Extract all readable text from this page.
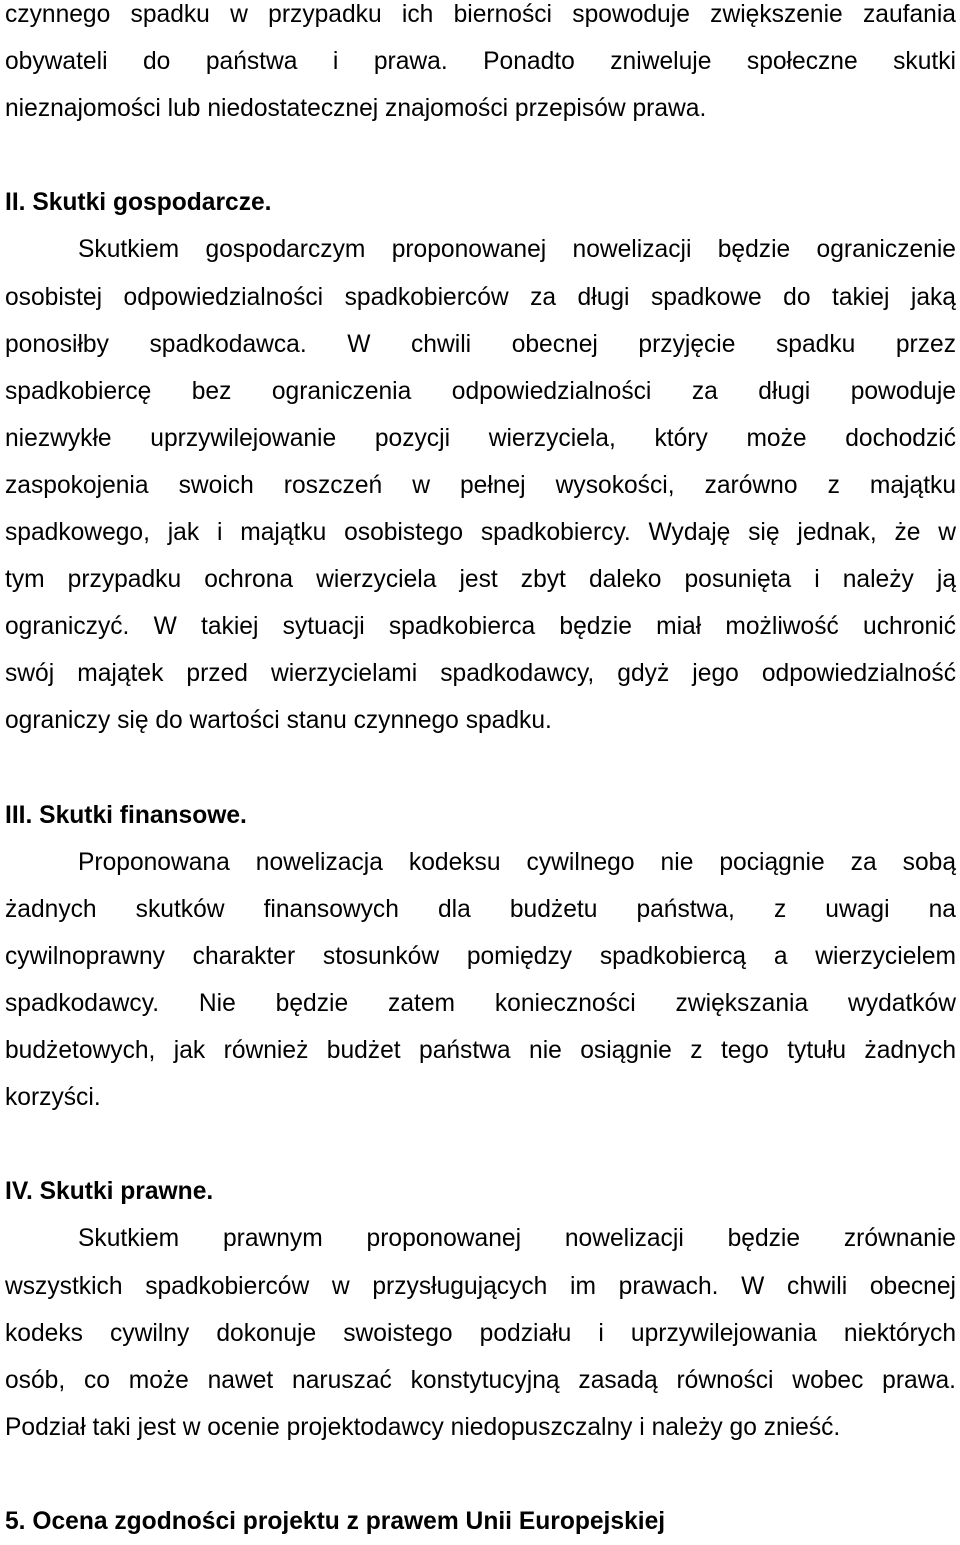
czynnego spadku w przypadku ich bierności spowoduje zwiększenie zaufania
obywateli do państwa i prawa. Ponadto zniweluje społeczne skutki
nieznajomości lub niedostatecznej znajomości przepisów prawa.
II. Skutki gospodarcze.
Skutkiem gospodarczym proponowanej nowelizacji będzie ograniczenie
osobistej odpowiedzialności spadkobierców za długi spadkowe do takiej jaką
ponosiłby spadkodawca. W chwili obecnej przyjęcie spadku przez
spadkobiercę bez ograniczenia odpowiedzialności za długi powoduje
niezwykłe uprzywilejowanie pozycji wierzyciela, który może dochodzić
zaspokojenia swoich roszczeń w pełnej wysokości, zarówno z majątku
spadkowego, jak i majątku osobistego spadkobiercy. Wydaję się jednak, że w
tym przypadku ochrona wierzyciela jest zbyt daleko posunięta i należy ją
ograniczyć. W takiej sytuacji spadkobierca będzie miał możliwość uchronić
swój majątek przed wierzycielami spadkodawcy, gdyż jego odpowiedzialność
ograniczy się do wartości stanu czynnego spadku.
III. Skutki finansowe.
Proponowana nowelizacja kodeksu cywilnego nie pociągnie za sobą
żadnych skutków finansowych dla budżetu państwa, z uwagi na
cywilnoprawny charakter stosunków pomiędzy spadkobiercą a wierzycielem
spadkodawcy. Nie będzie zatem konieczności zwiększania wydatków
budżetowych, jak również budżet państwa nie osiągnie z tego tytułu żadnych
korzyści.
IV. Skutki prawne.
Skutkiem prawnym proponowanej nowelizacji będzie zrównanie
wszystkich spadkobierców w przysługujących im prawach. W chwili obecnej
kodeks cywilny dokonuje swoistego podziału i uprzywilejowania niektórych
osób, co może nawet naruszać konstytucyjną zasadą równości wobec prawa.
Podział taki jest w ocenie projektodawcy niedopuszczalny i należy go znieść.
5. Ocena zgodności projektu z prawem Unii Europejskiej
